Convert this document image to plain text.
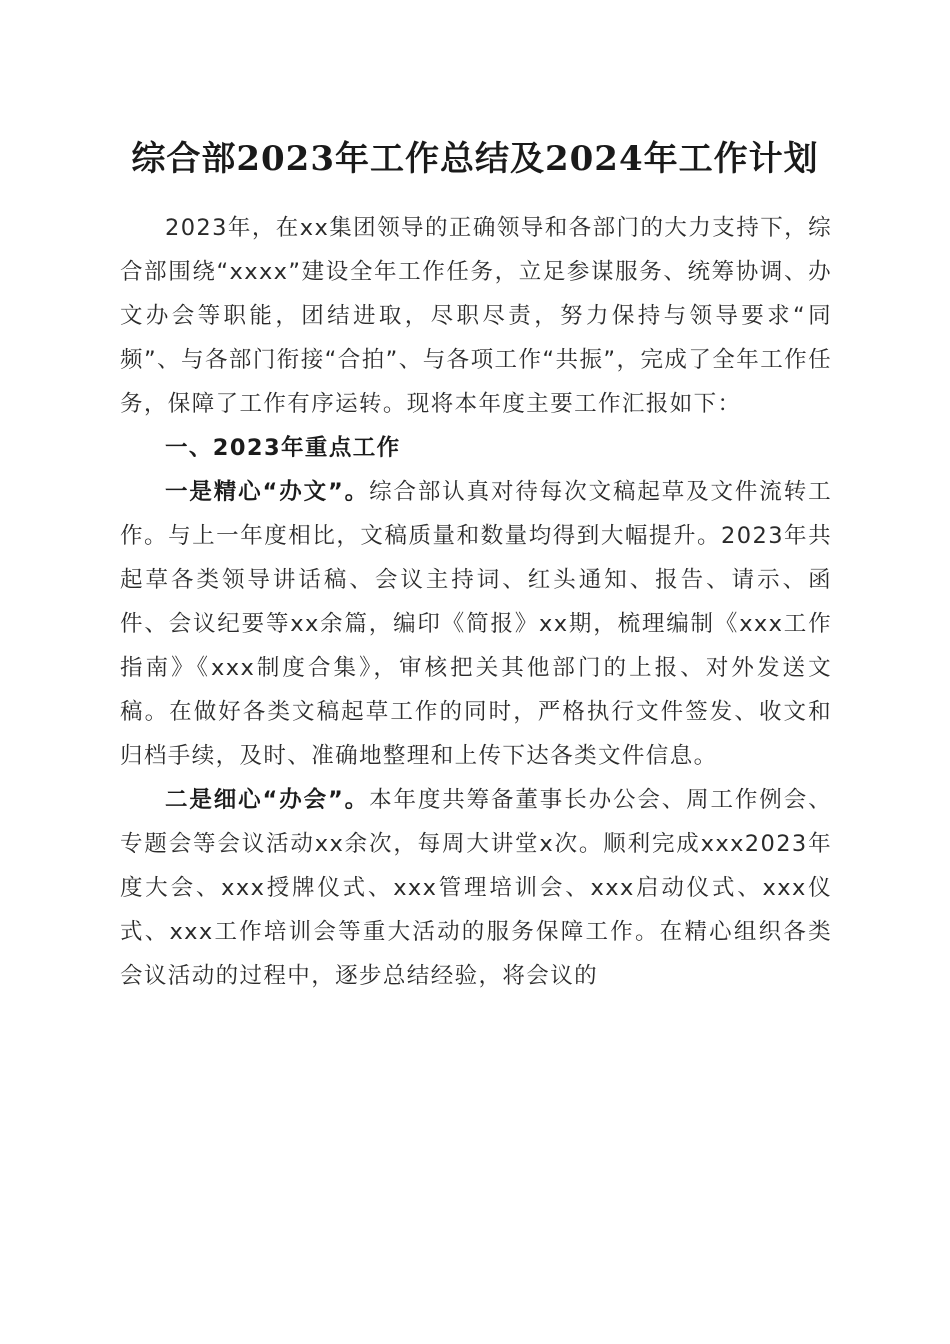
综合部2023年工作总结及2024年工作计划

2023年，在xx集团领导的正确领导和各部门的大力支持下，综合部围绕“xxxx”建设全年工作任务，立足参谋服务、统筹协调、办文办会等职能，团结进取，尽职尽责，努力保持与领导要求“同频”、与各部门衔接“合拍”、与各项工作“共振”，完成了全年工作任务，保障了工作有序运转。现将本年度主要工作汇报如下：

一、2023年重点工作

一是精心“办文”。综合部认真对待每次文稿起草及文件流转工作。与上一年度相比，文稿质量和数量均得到大幅提升。2023年共起草各类领导讲话稿、会议主持词、红头通知、报告、请示、函件、会议纪要等xx余篇，编印《简报》xx期，梳理编制《xxx工作指南》《xxx制度合集》，审核把关其他部门的上报、对外发送文稿。在做好各类文稿起草工作的同时，严格执行文件签发、收文和归档手续，及时、准确地整理和上传下达各类文件信息。

二是细心“办会”。本年度共筹备董事长办公会、周工作例会、专题会等会议活动xx余次，每周大讲堂x次。顺利完成xxx2023年度大会、xxx授牌仪式、xxx管理培训会、xxx启动仪式、xxx仪式、xxx工作培训会等重大活动的服务保障工作。在精心组织各类会议活动的过程中，逐步总结经验，将会议的
